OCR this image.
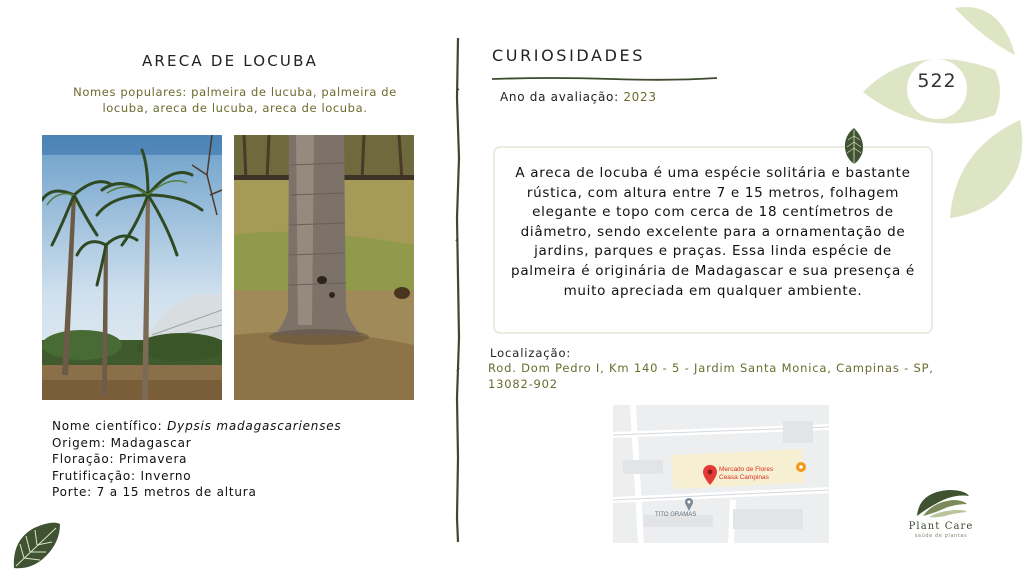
ARECA DE LOCUBA
Nomes populares: palmeira de lucuba, palmeira de locuba, areca de lucuba, areca de locuba.
Nome científico: Dypsis madagascarienses
Origem: Madagascar
Floração: Primavera
Frutificação: Inverno
Porte: 7 a 15 metros de altura
CURIOSIDADES
Ano da avaliação: 2023
A areca de locuba é uma espécie solitária e bastante rústica, com altura entre 7 e 15 metros, folhagem elegante e topo com cerca de 18 centímetros de diâmetro, sendo excelente para a ornamentação de jardins, parques e praças. Essa linda espécie de palmeira é originária de Madagascar e sua presença é muito apreciada em qualquer ambiente.
Localização:
Rod. Dom Pedro I, Km 140 - 5 - Jardim Santa Monica, Campinas - SP, 13082-902
Mercado de Flores
Ceasa Campinas
TITO GRAMAS
522
Plant Care
saúde de plantas
